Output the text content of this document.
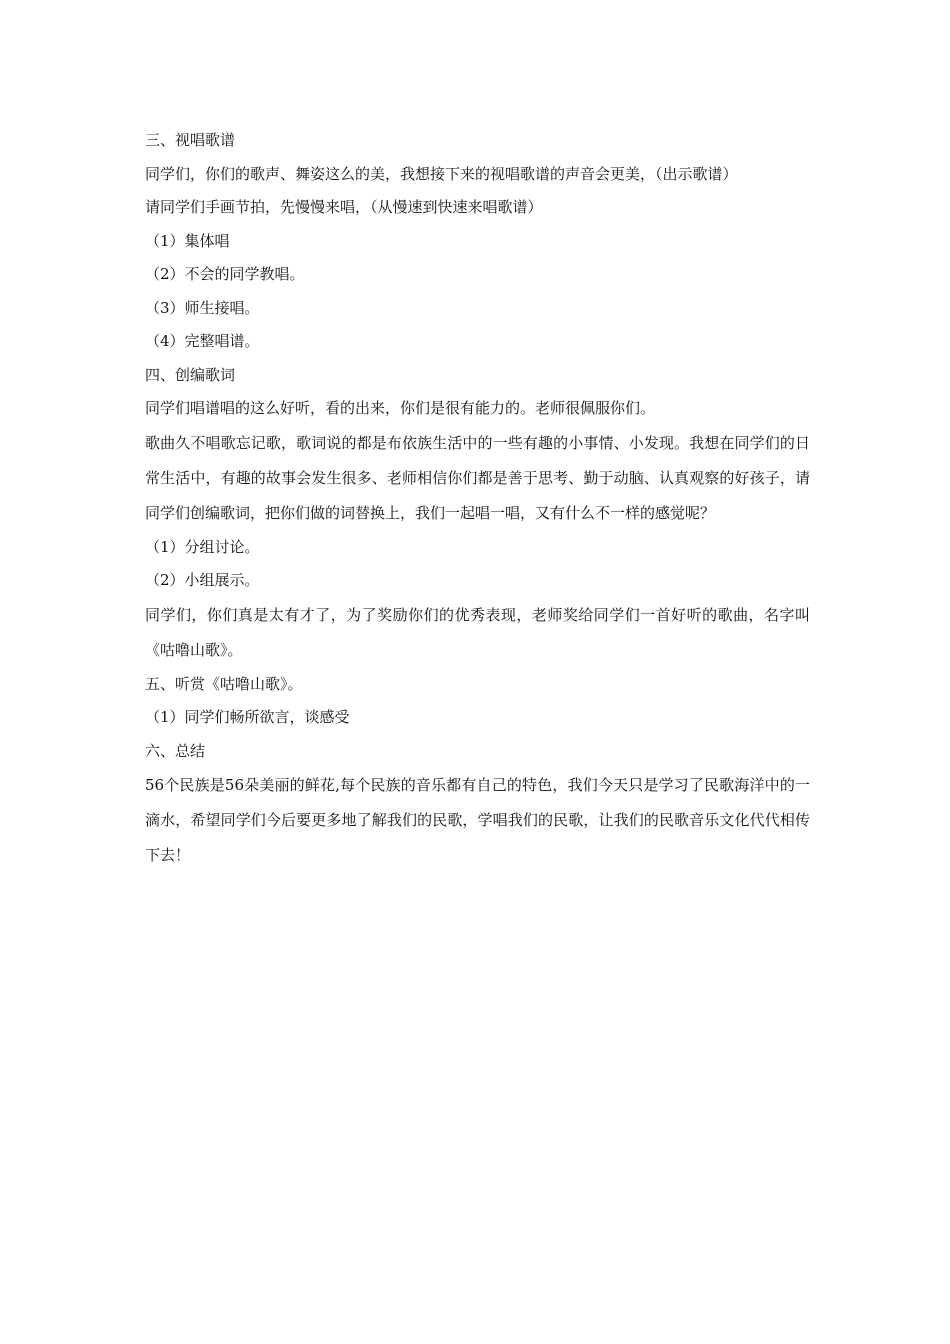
三、视唱歌谱
同学们，你们的歌声、舞姿这么的美，我想接下来的视唱歌谱的声音会更美，（出示歌谱）
请同学们手画节拍，先慢慢来唱，（从慢速到快速来唱歌谱）
（1）集体唱
（2）不会的同学教唱。
（3）师生接唱。
（4）完整唱谱。
四、创编歌词
同学们唱谱唱的这么好听，看的出来，你们是很有能力的。老师很佩服你们。
歌曲久不唱歌忘记歌，歌词说的都是布依族生活中的一些有趣的小事情、小发现。我想在同学们的日常生活中，有趣的故事会发生很多、老师相信你们都是善于思考、勤于动脑、认真观察的好孩子，请同学们创编歌词，把你们做的词替换上，我们一起唱一唱，又有什么不一样的感觉呢？
（1）分组讨论。
（2）小组展示。
同学们，你们真是太有才了，为了奖励你们的优秀表现，老师奖给同学们一首好听的歌曲，名字叫《咕噜山歌》。
五、听赏《咕噜山歌》。
（1）同学们畅所欲言，谈感受
六、总结
56个民族是56朵美丽的鲜花,每个民族的音乐都有自己的特色，我们今天只是学习了民歌海洋中的一滴水，希望同学们今后要更多地了解我们的民歌，学唱我们的民歌，让我们的民歌音乐文化代代相传下去！
